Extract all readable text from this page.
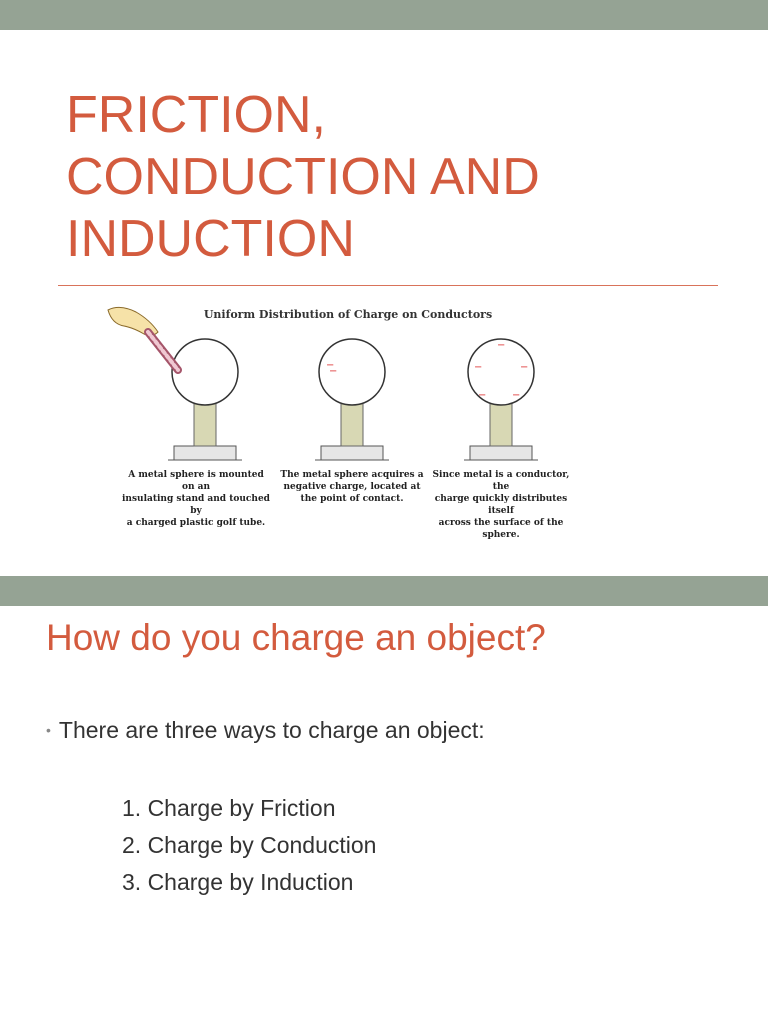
FRICTION,
CONDUCTION AND
INDUCTION
Uniform Distribution of Charge on Conductors
−
−
−
−	−
−	−
A metal sphere is mounted on an
insulating stand and touched by
a charged plastic golf tube.
The metal sphere acquires a
negative charge, located at
the point of contact.
Since metal is a conductor, the
charge quickly distributes itself
across the surface of the sphere.
How do you charge an object?
• There are three ways to charge an object:
1. Charge by Friction
2. Charge by Conduction
3. Charge by Induction
